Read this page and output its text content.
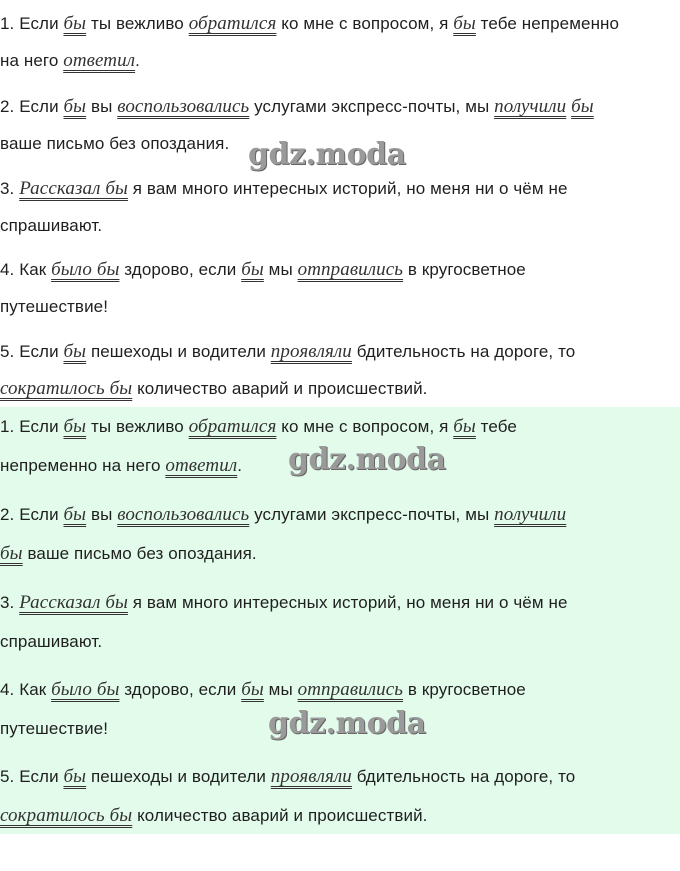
1. Если бы ты вежливо обратился ко мне с вопросом, я бы тебе непременно
на него ответил.
2. Если бы вы воспользовались услугами экспресс-почты, мы получили бы
ваше письмо без опоздания.
3. Рассказал бы я вам много интересных историй, но меня ни о чём не
спрашивают.
4. Как было бы здорово, если бы мы отправились в кругосветное
путешествие!
5. Если бы пешеходы и водители проявляли бдительность на дороге, то
сократилось бы количество аварий и происшествий.
1. Если бы ты вежливо обратился ко мне с вопросом, я бы тебе
непременно на него ответил.
2. Если бы вы воспользовались услугами экспресс-почты, мы получили
бы ваше письмо без опоздания.
3. Рассказал бы я вам много интересных историй, но меня ни о чём не
спрашивают.
4. Как было бы здорово, если бы мы отправились в кругосветное
путешествие!
5. Если бы пешеходы и водители проявляли бдительность на дороге, то
сократилось бы количество аварий и происшествий.
gdz.moda
gdz.moda
gdz.moda
